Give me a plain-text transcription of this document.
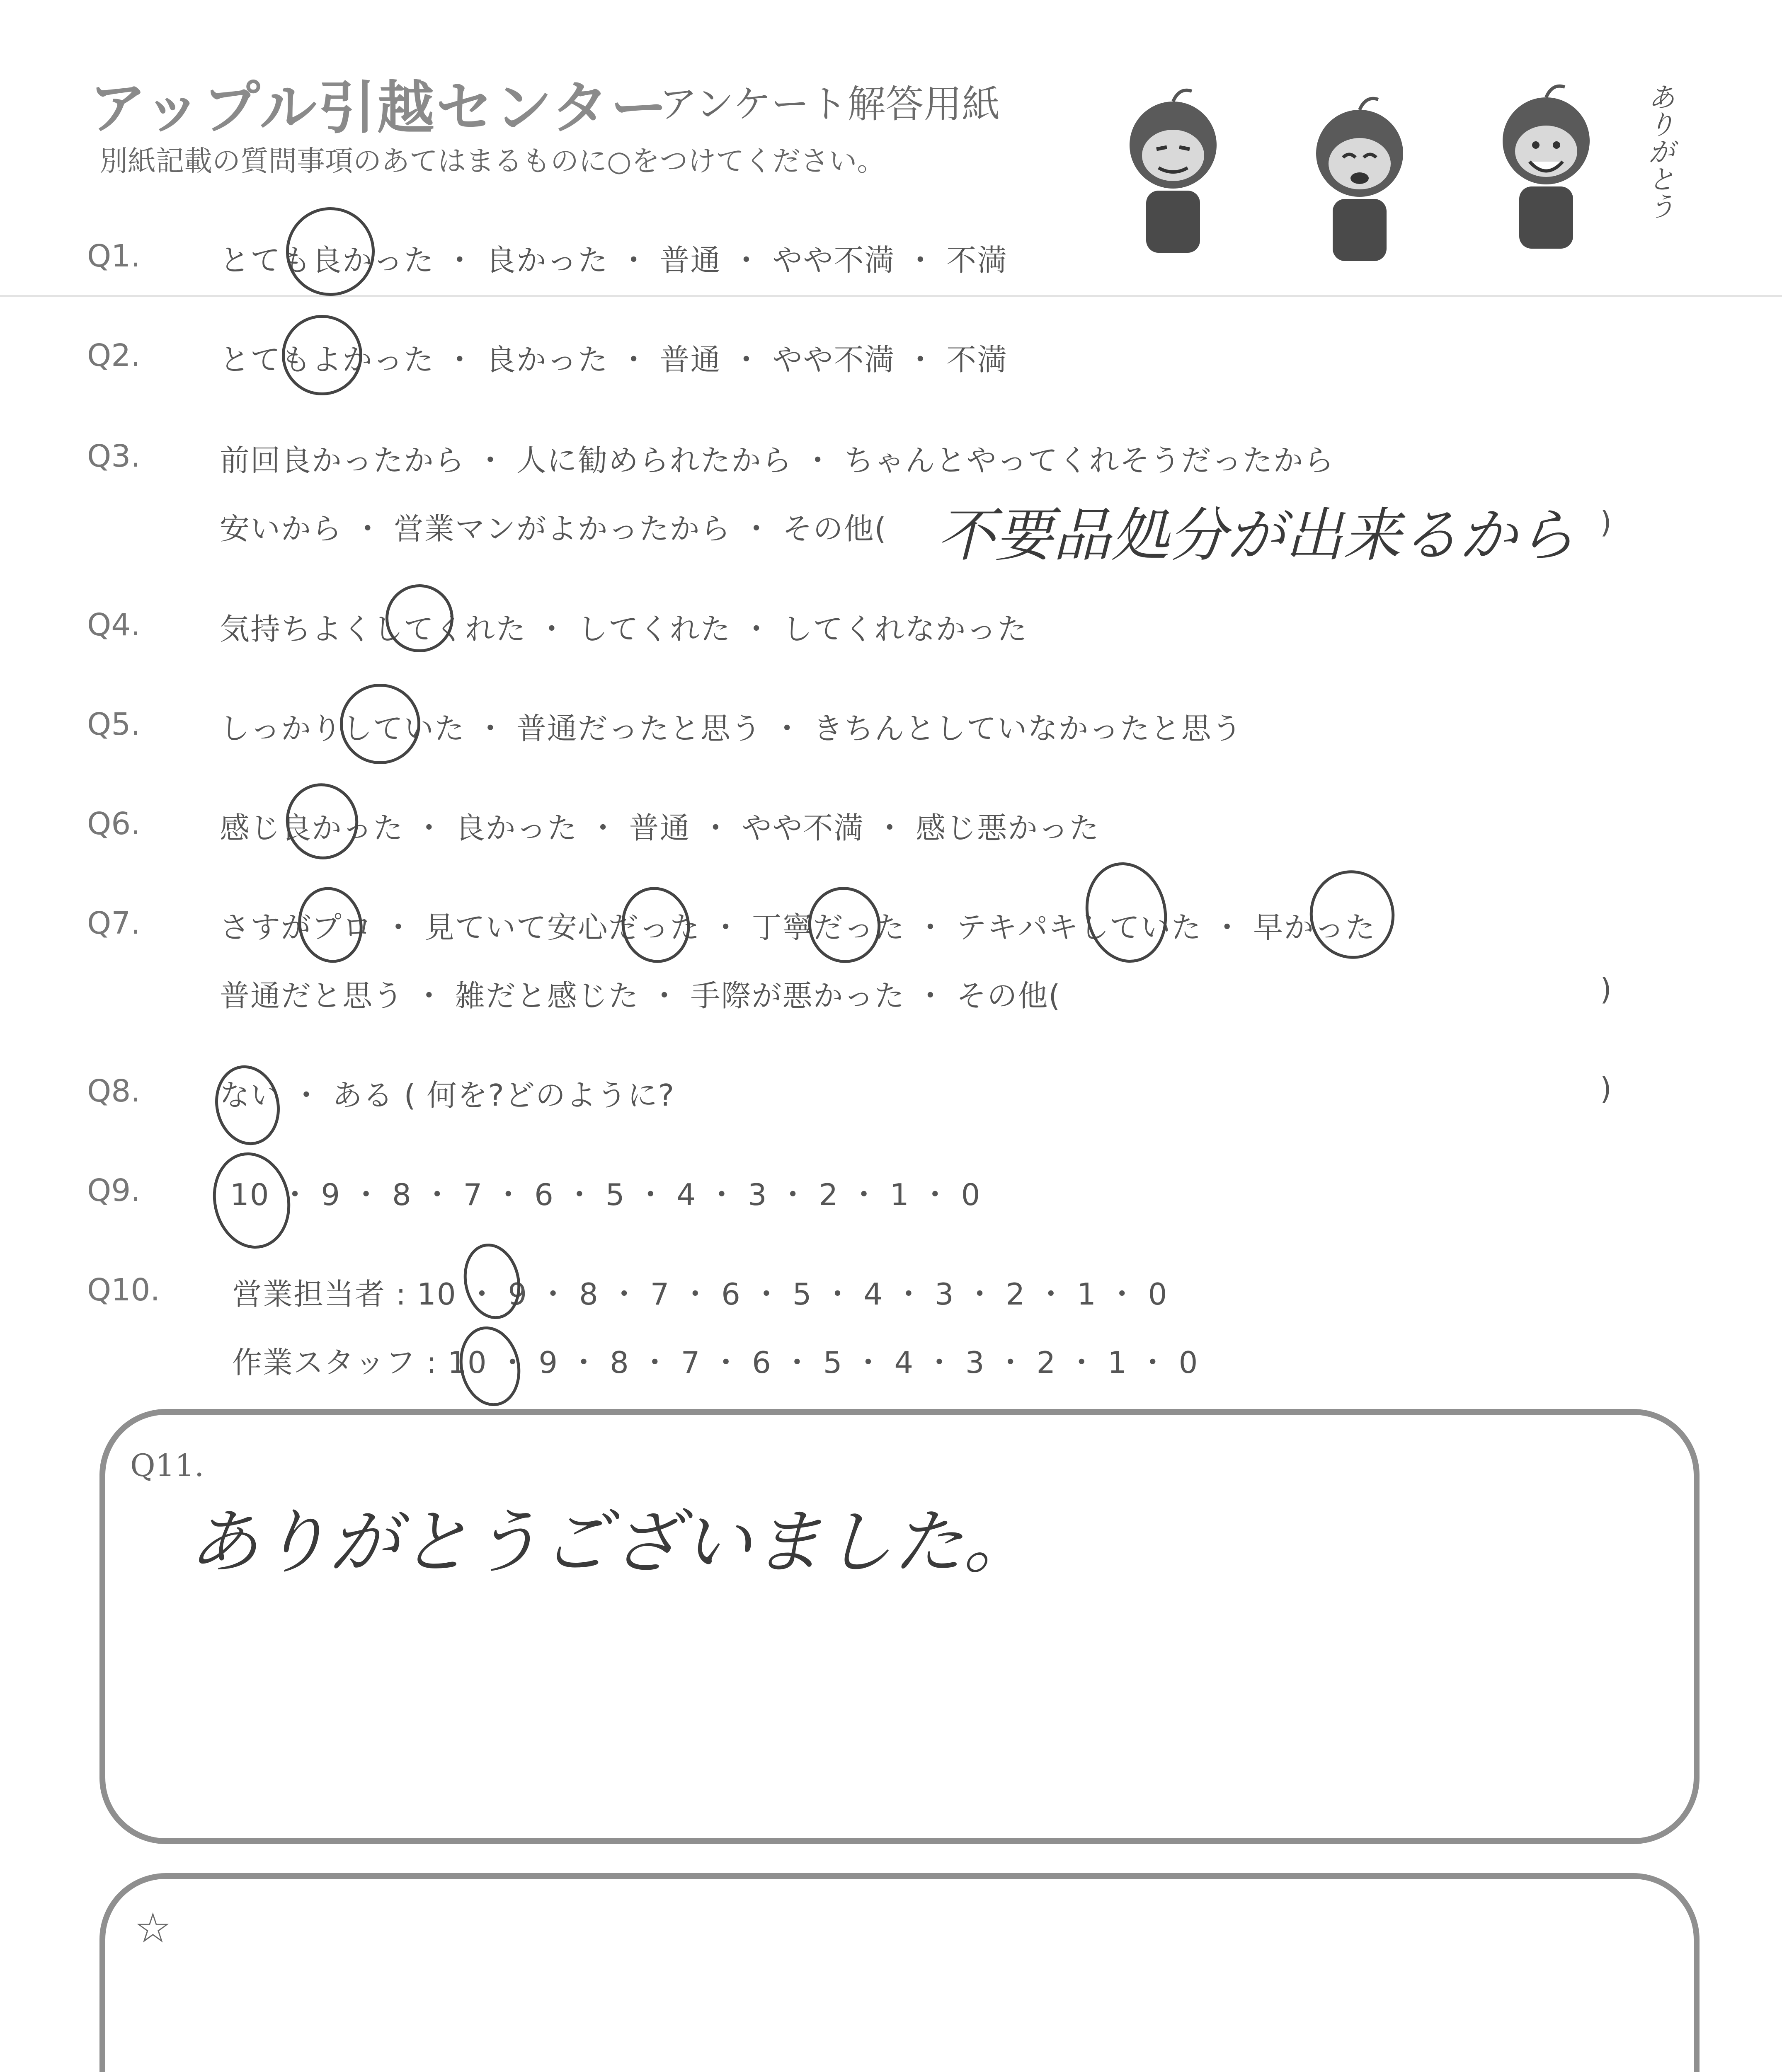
アップル引越センター
アンケート解答用紙
別紙記載の質問事項のあてはまるものに○をつけてください。	ありがとう
Q1.	とても良かった ・ 良かった ・ 普通 ・ やや不満 ・ 不満
Q2.	とてもよかった ・ 良かった ・ 普通 ・ やや不満 ・ 不満
Q3.	前回良かったから ・ 人に勧められたから ・ ちゃんとやってくれそうだったから
安いから ・ 営業マンがよかったから ・ その他( 不要品処分が出来るから )
Q4.	気持ちよくしてくれた ・ してくれた ・ してくれなかった
Q5.	しっかりしていた ・ 普通だったと思う ・ きちんとしていなかったと思う
Q6.	感じ良かった ・ 良かった ・ 普通 ・ やや不満 ・ 感じ悪かった
Q7.	さすがプロ ・ 見ていて安心だった ・ 丁寧だった ・ テキパキしていた ・ 早かった
普通だと思う ・ 雑だと感じた ・ 手際が悪かった ・ その他(	)
Q8.	ない ・ ある ( 何を?どのように?	)
Q9.	10 ・ 9 ・ 8 ・ 7 ・ 6 ・ 5 ・ 4 ・ 3 ・ 2 ・ 1 ・ 0
Q10. 営業担当者 : 10 ・ 9 ・ 8 ・ 7 ・ 6 ・ 5 ・ 4 ・ 3 ・ 2 ・ 1 ・ 0
作業スタッフ : 10 ・ 9 ・ 8 ・ 7 ・ 6 ・ 5 ・ 4 ・ 3 ・ 2 ・ 1 ・ 0
Q11.
ありがとうございました。
☆
